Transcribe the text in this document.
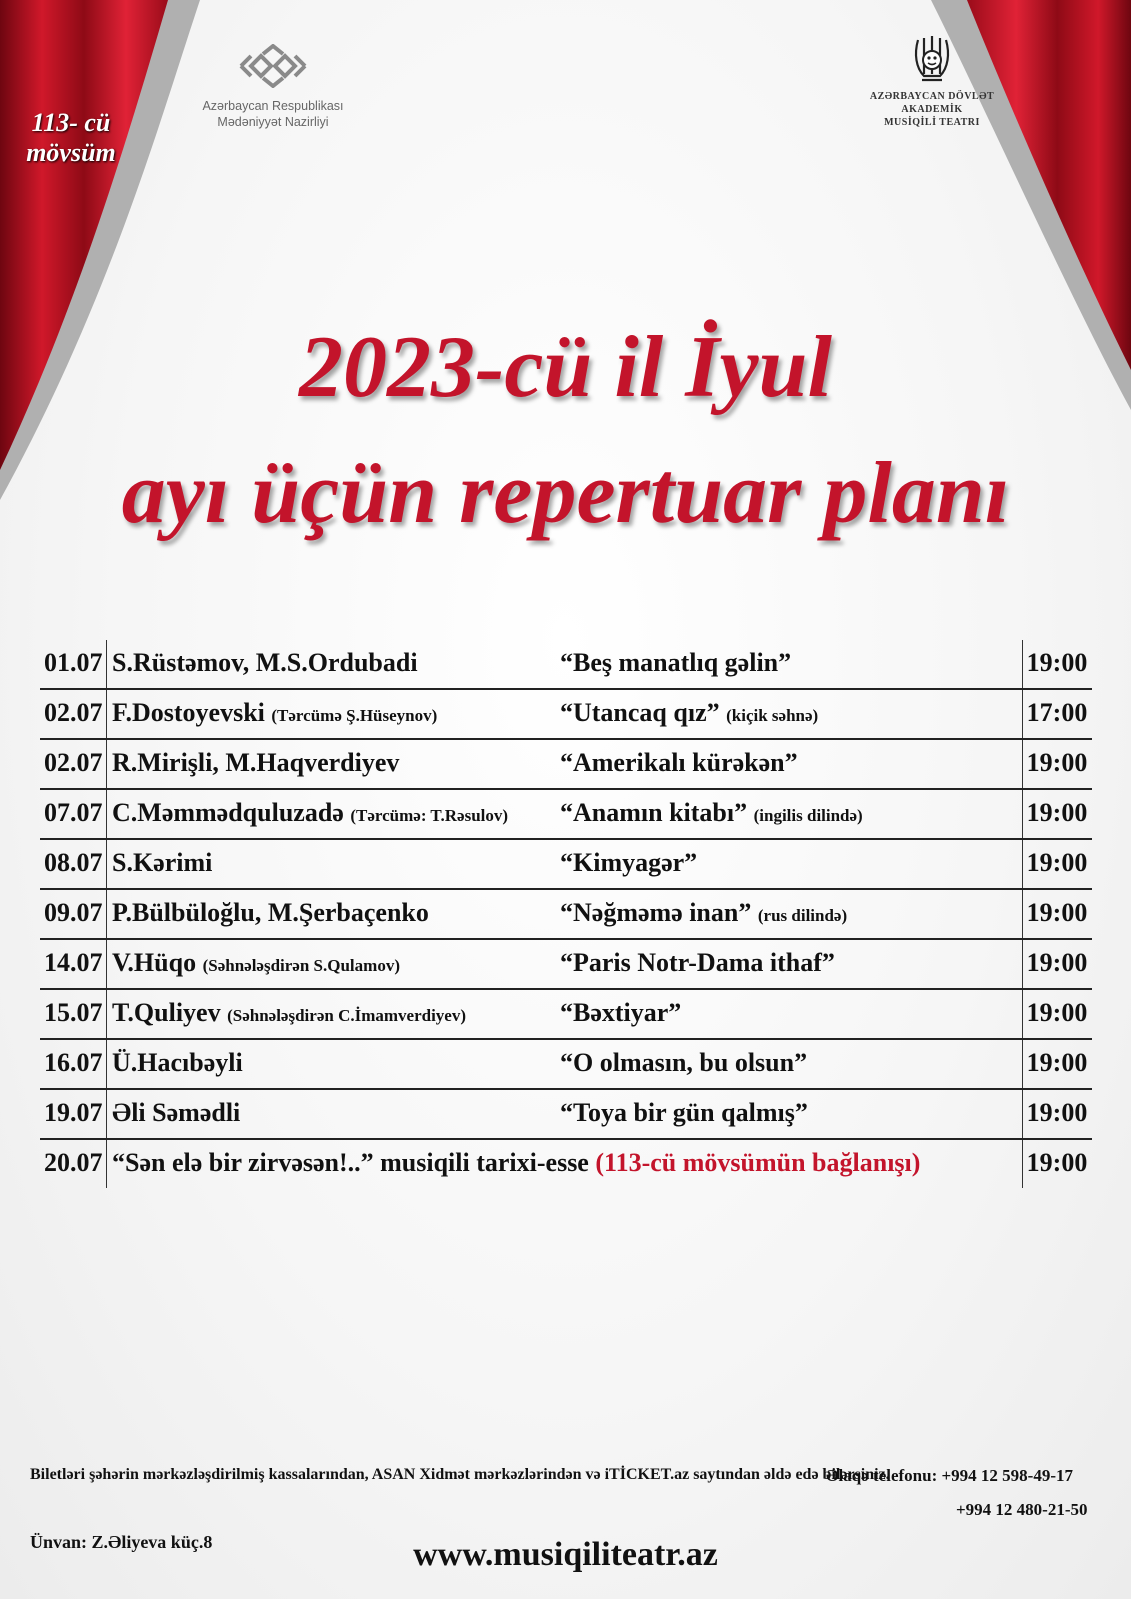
113- cü
mövsüm
Azərbaycan Respublikası
Mədəniyyət Nazirliyi
AZƏRBAYCAN DÖVLƏT
AKADEMİK
MUSİQİLİ TEATRI
2023-cü il İyul
ayı üçün repertuar planı
01.07 S.Rüstəmov, M.S.Ordubadi	“Beş manatlıq gəlin”	19:00
02.07 F.Dostoyevski (Tərcümə Ş.Hüseynov)	“Utancaq qız” (kiçik səhnə)	17:00
02.07 R.Mirişli, M.Haqverdiyev	“Amerikalı kürəkən”	19:00
07.07 C.Məmmədquluzadə (Tərcümə: T.Rəsulov) “Anamın kitabı” (ingilis dilində)	19:00
08.07 S.Kərimi	“Kimyagər”	19:00
09.07 P.Bülbüloğlu, M.Şerbaçenko	“Nəğməmə inan” (rus dilində)	19:00
14.07 V.Hüqo (Səhnələşdirən S.Qulamov)	“Paris Notr-Dama ithaf”	19:00
15.07 T.Quliyev (Səhnələşdirən C.İmamverdiyev)	“Bəxtiyar”	19:00
16.07 Ü.Hacıbəyli	“O olmasın, bu olsun”	19:00
19.07 Əli Səmədli	“Toya bir gün qalmış”	19:00
20.07 “Sən elə bir zirvəsən!..” musiqili tarixi-esse (113-cü mövsümün bağlanışı)	19:00
Biletləri şəhərin mərkəzləşdirilmiş kassalarından, ASAN Xidmət mərkəzlərindən və iTİCKET.az saytından əldə edə bilərsiniz.
Ünvan: Z.Əliyeva küç.8
Əlaqə telefonu: +994 12 598-49-17
+994 12 480-21-50
www.musiqiliteatr.az
